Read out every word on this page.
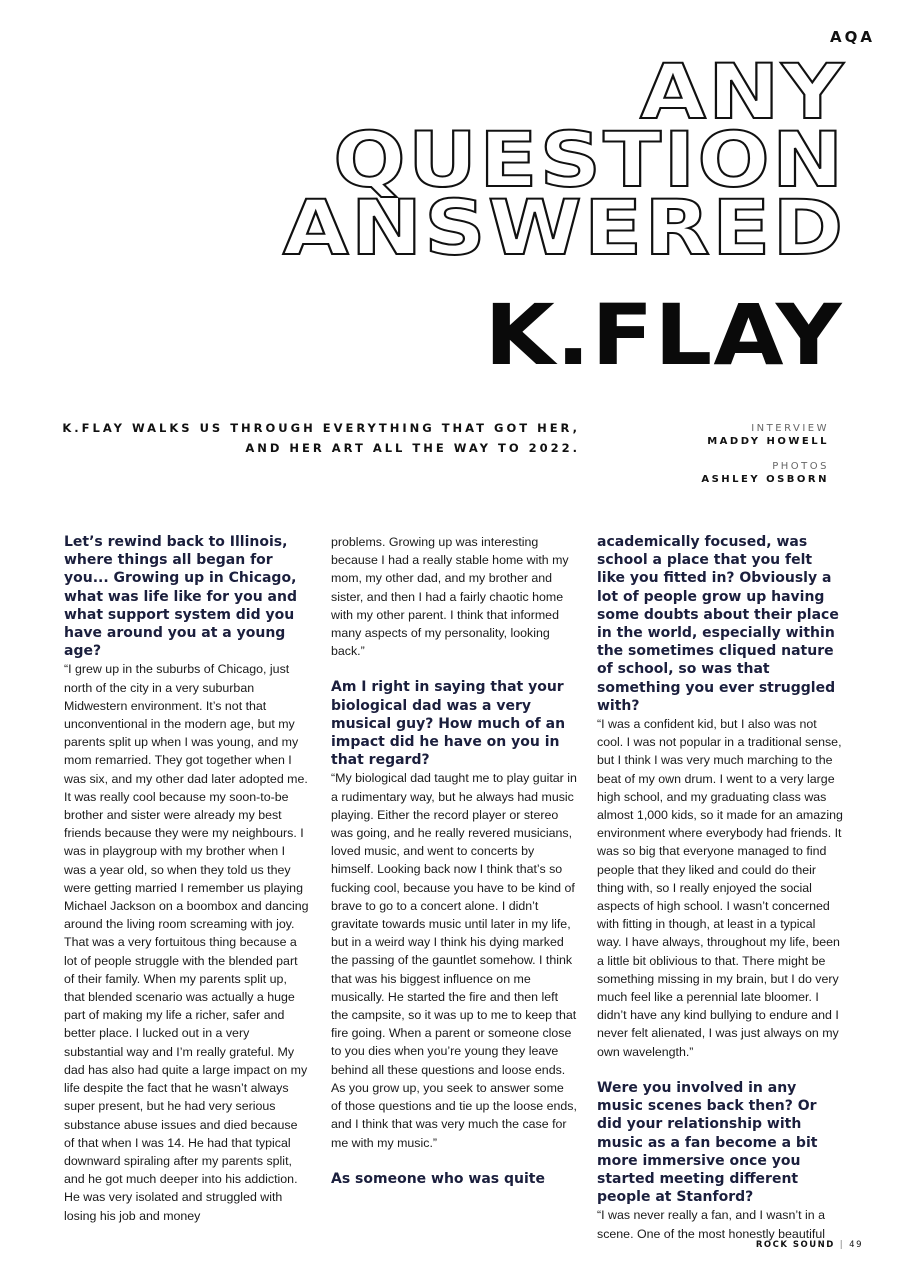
AQA
ANY
QUESTION
ANSWERED
K.FLAY
K.FLAY WALKS US THROUGH EVERYTHING THAT GOT HER,
AND HER ART ALL THE WAY TO 2022.
INTERVIEW
MADDY HOWELL
PHOTOS
ASHLEY OSBORN

Let’s rewind back to Illinois, where things all began for you... Growing up in Chicago, what was life like for you and what support system did you have around you at a young age?

“I grew up in the suburbs of Chicago, just north of the city in a very suburban Midwestern environment. It’s not that unconventional in the modern age, but my parents split up when I was young, and my mom remarried. They got together when I was six, and my other dad later adopted me. It was really cool because my soon-to-be brother and sister were already my best friends because they were my neighbours. I was in playgroup with my brother when I was a year old, so when they told us they were getting married I remember us playing Michael Jackson on a boombox and dancing around the living room screaming with joy. That was a very fortuitous thing because a lot of people struggle with the blended part of their family. When my parents split up, that blended scenario was actually a huge part of making my life a richer, safer and better place. I lucked out in a very substantial way and I’m really grateful. My dad has also had quite a large impact on my life despite the fact that he wasn’t always super present, but he had very serious substance abuse issues and died because of that when I was 14. He had that typical downward spiraling after my parents split, and he got much deeper into his addiction. He was very isolated and struggled with losing his job and money

problems. Growing up was interesting because I had a really stable home with my mom, my other dad, and my brother and sister, and then I had a fairly chaotic home with my other parent. I think that informed many aspects of my personality, looking back.”

Am I right in saying that your biological dad was a very musical guy? How much of an impact did he have on you in that regard?

“My biological dad taught me to play guitar in a rudimentary way, but he always had music playing. Either the record player or stereo was going, and he really revered musicians, loved music, and went to concerts by himself. Looking back now I think that’s so fucking cool, because you have to be kind of brave to go to a concert alone. I didn’t gravitate towards music until later in my life, but in a weird way I think his dying marked the passing of the gauntlet somehow. I think that was his biggest influence on me musically. He started the fire and then left the campsite, so it was up to me to keep that fire going. When a parent or someone close to you dies when you’re young they leave behind all these questions and loose ends. As you grow up, you seek to answer some of those questions and tie up the loose ends, and I think that was very much the case for me with my music.”

As someone who was quite

academically focused, was school a place that you felt like you fitted in? Obviously a lot of people grow up having some doubts about their place in the world, especially within the sometimes cliqued nature of school, so was that something you ever struggled with?

“I was a confident kid, but I also was not cool. I was not popular in a traditional sense, but I think I was very much marching to the beat of my own drum. I went to a very large high school, and my graduating class was almost 1,000 kids, so it made for an amazing environment where everybody had friends. It was so big that everyone managed to find people that they liked and could do their thing with, so I really enjoyed the social aspects of high school. I wasn’t concerned with fitting in though, at least in a typical way. I have always, throughout my life, been a little bit oblivious to that. There might be something missing in my brain, but I do very much feel like a perennial late bloomer. I didn’t have any kind bullying to endure and I never felt alienated, I was just always on my own wavelength.”

Were you involved in any music scenes back then? Or did your relationship with music as a fan become a bit more immersive once you started meeting different people at Stanford?

“I was never really a fan, and I wasn’t in a scene. One of the most honestly beautiful

ROCK SOUND | 49
